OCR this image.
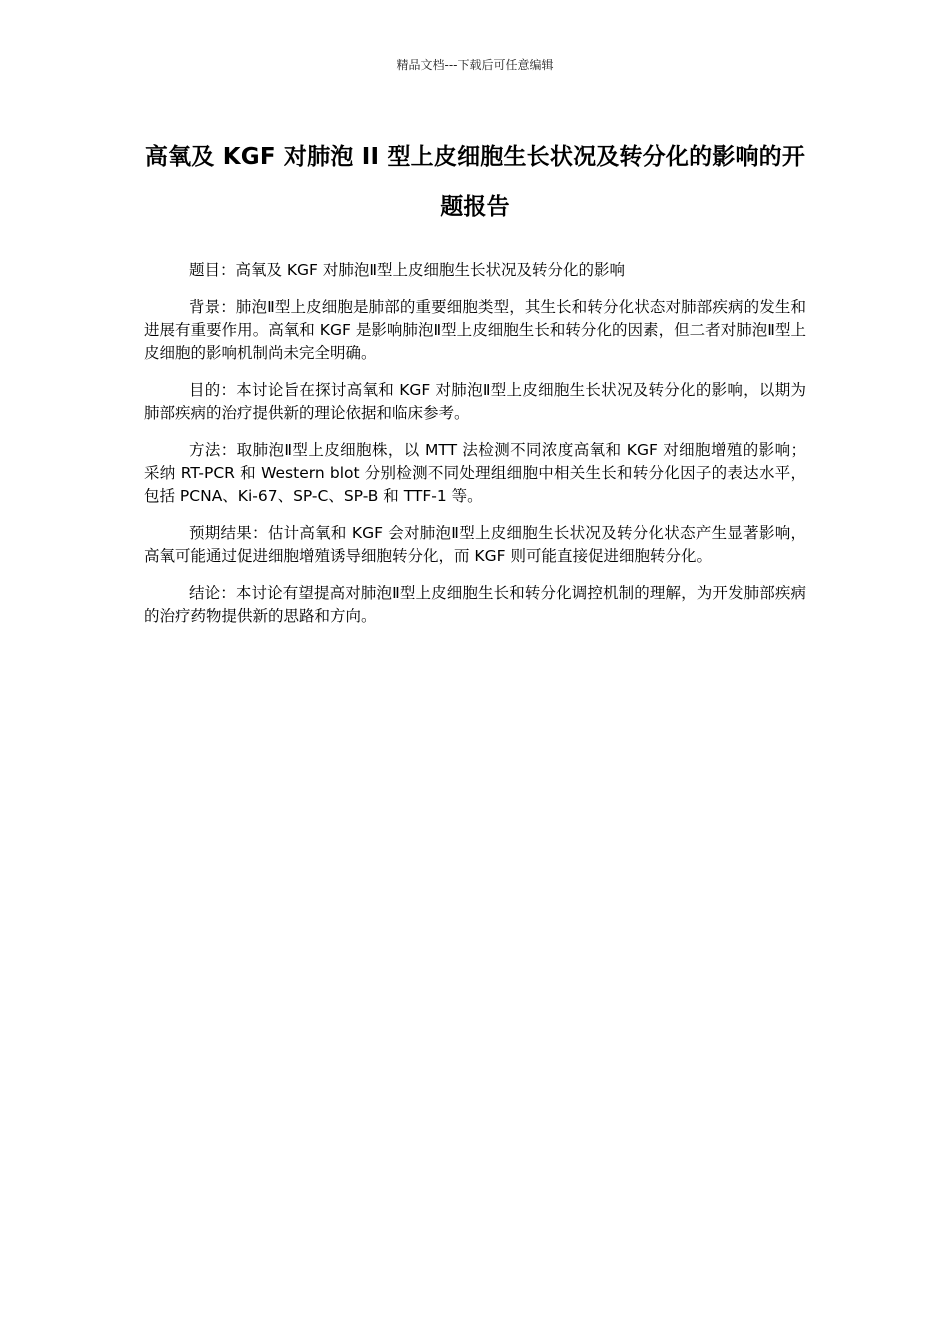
精品文档---下载后可任意编辑
高氧及 KGF 对肺泡 II 型上皮细胞生长状况及转分化的影响的开题报告

题目：高氧及 KGF 对肺泡Ⅱ型上皮细胞生长状况及转分化的影响

背景：肺泡Ⅱ型上皮细胞是肺部的重要细胞类型，其生长和转分化状态对肺部疾病的发生和进展有重要作用。高氧和 KGF 是影响肺泡Ⅱ型上皮细胞生长和转分化的因素，但二者对肺泡Ⅱ型上皮细胞的影响机制尚未完全明确。

目的：本讨论旨在探讨高氧和 KGF 对肺泡Ⅱ型上皮细胞生长状况及转分化的影响，以期为肺部疾病的治疗提供新的理论依据和临床参考。

方法：取肺泡Ⅱ型上皮细胞株，以 MTT 法检测不同浓度高氧和 KGF 对细胞增殖的影响；采纳 RT-PCR 和 Western blot 分别检测不同处理组细胞中相关生长和转分化因子的表达水平，包括 PCNA、Ki-67、SP-C、SP-B 和 TTF-1 等。

预期结果：估计高氧和 KGF 会对肺泡Ⅱ型上皮细胞生长状况及转分化状态产生显著影响，高氧可能通过促进细胞增殖诱导细胞转分化，而 KGF 则可能直接促进细胞转分化。

结论：本讨论有望提高对肺泡Ⅱ型上皮细胞生长和转分化调控机制的理解，为开发肺部疾病的治疗药物提供新的思路和方向。
